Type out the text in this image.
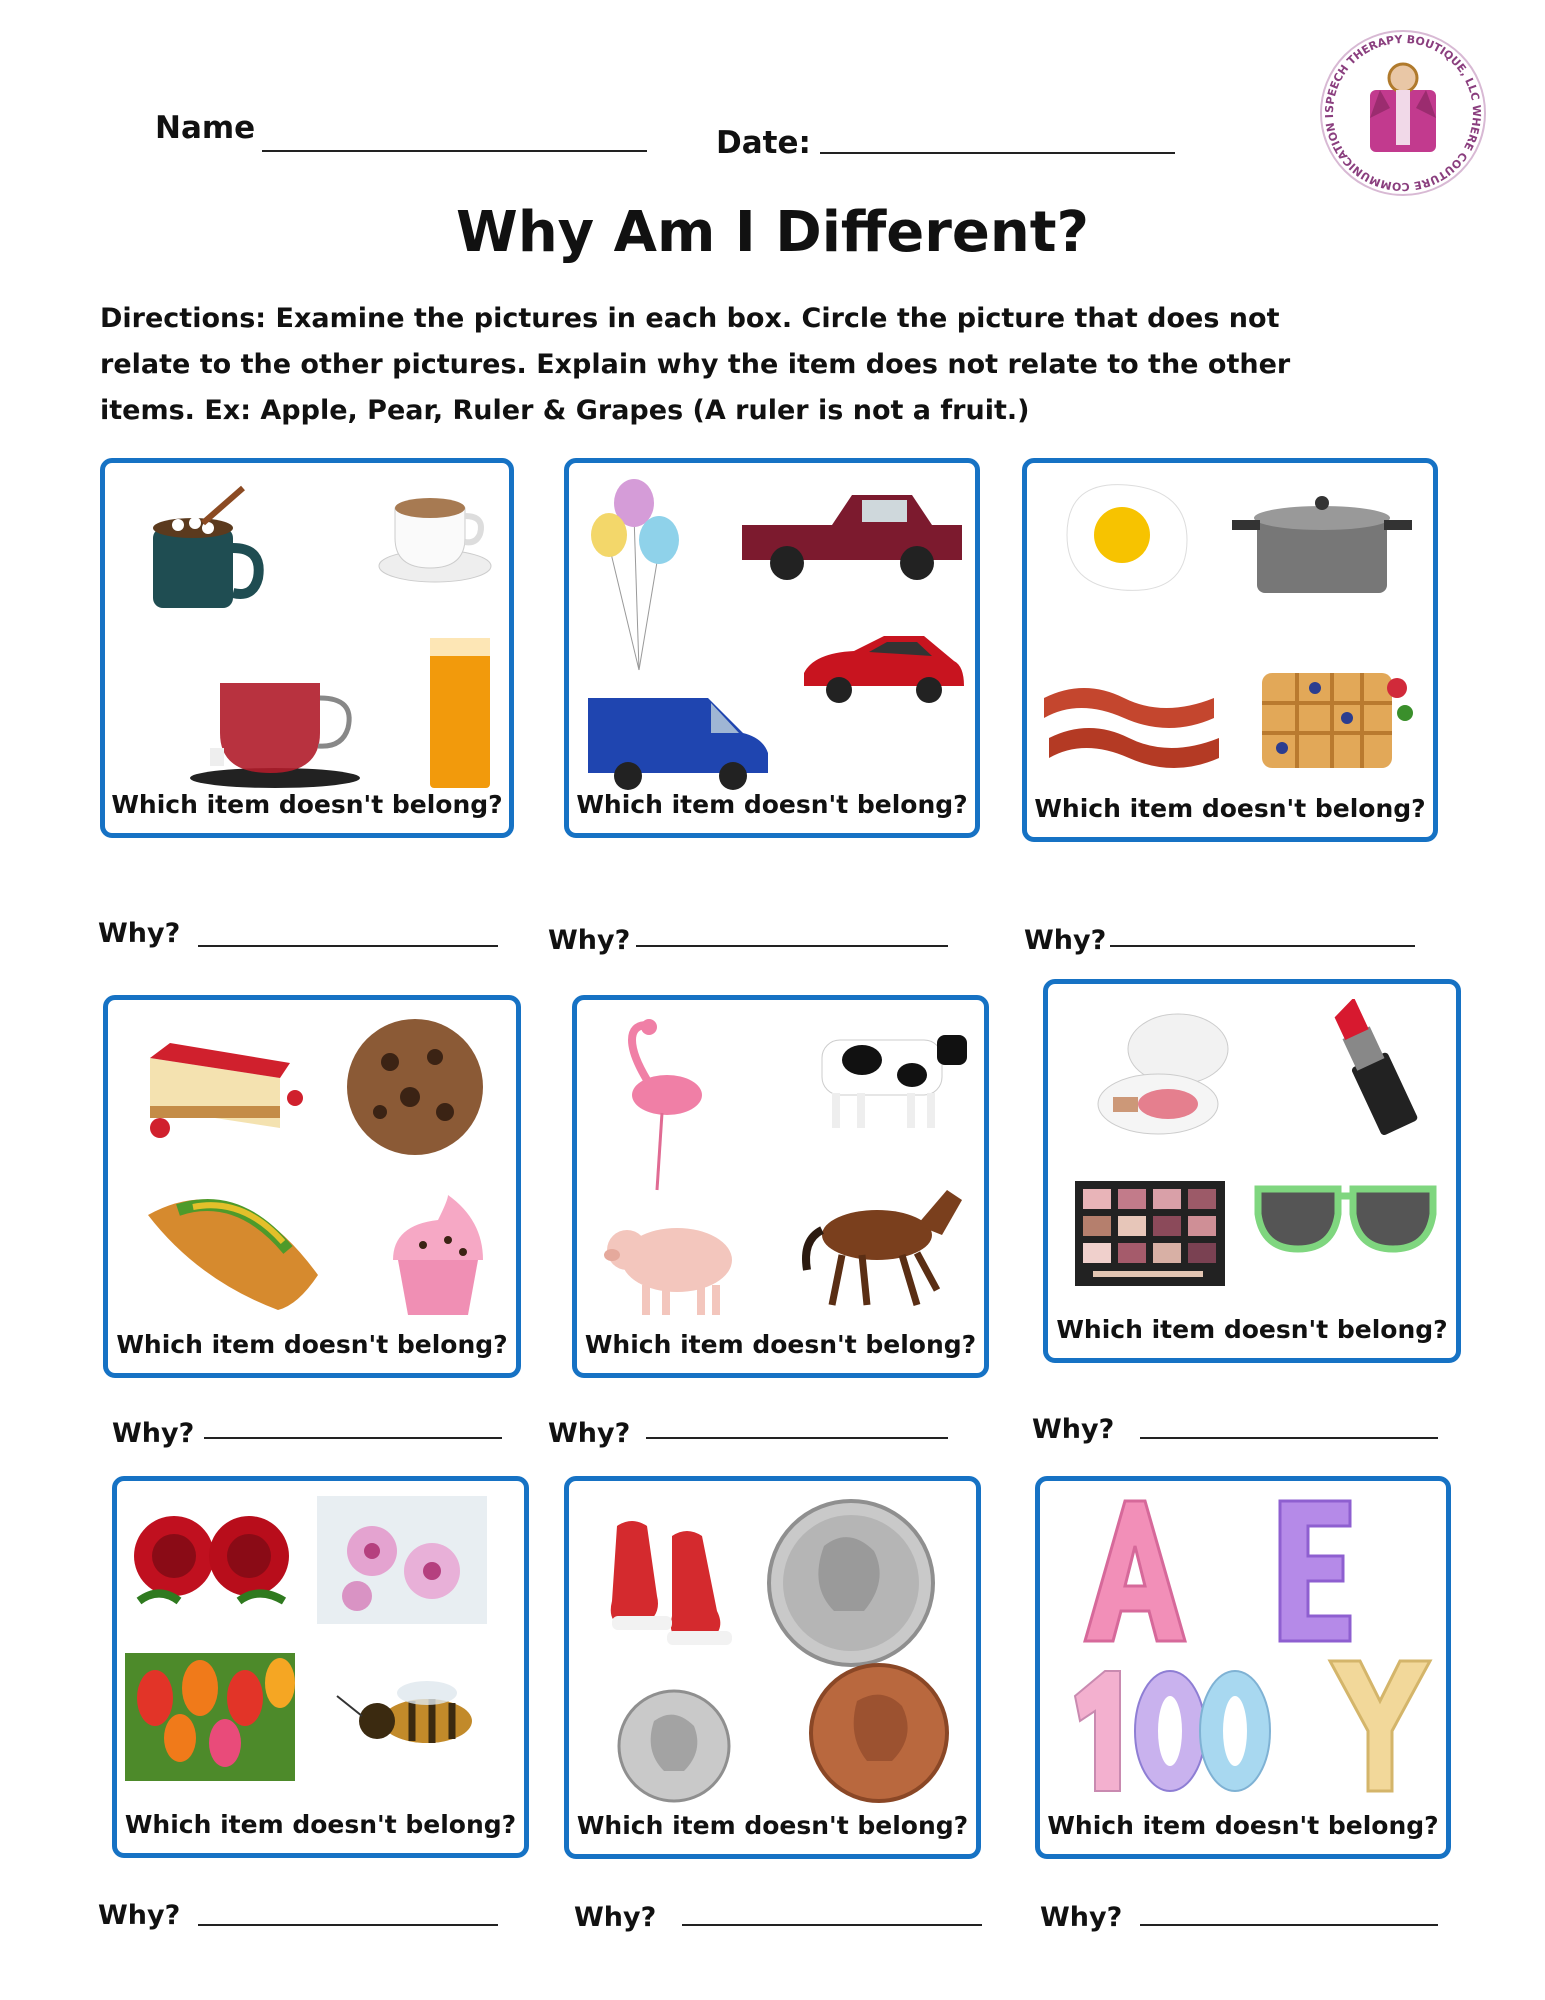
Name	Date:
SPEECH THERAPY BOUTIQUE, LLC WHERE COUTURE COMMUNICATION I
Why Am I Different?
Directions: Examine the pictures in each box. Circle the picture that does not relate to the other pictures. Explain why the item does not relate to the other items. Ex: Apple, Pear, Ruler & Grapes (A ruler is not a fruit.)
Which item doesn't belong?	Which item doesn't belong?	Which item doesn't belong?
Why?	Why?	Why?
Which item doesn't belong?	Which item doesn't belong?
Which item doesn't belong?
Why?	Why?	Why?
Which item doesn't belong?	Which item doesn't belong?	Which item doesn't belong?
Why?	Why?	Why?
